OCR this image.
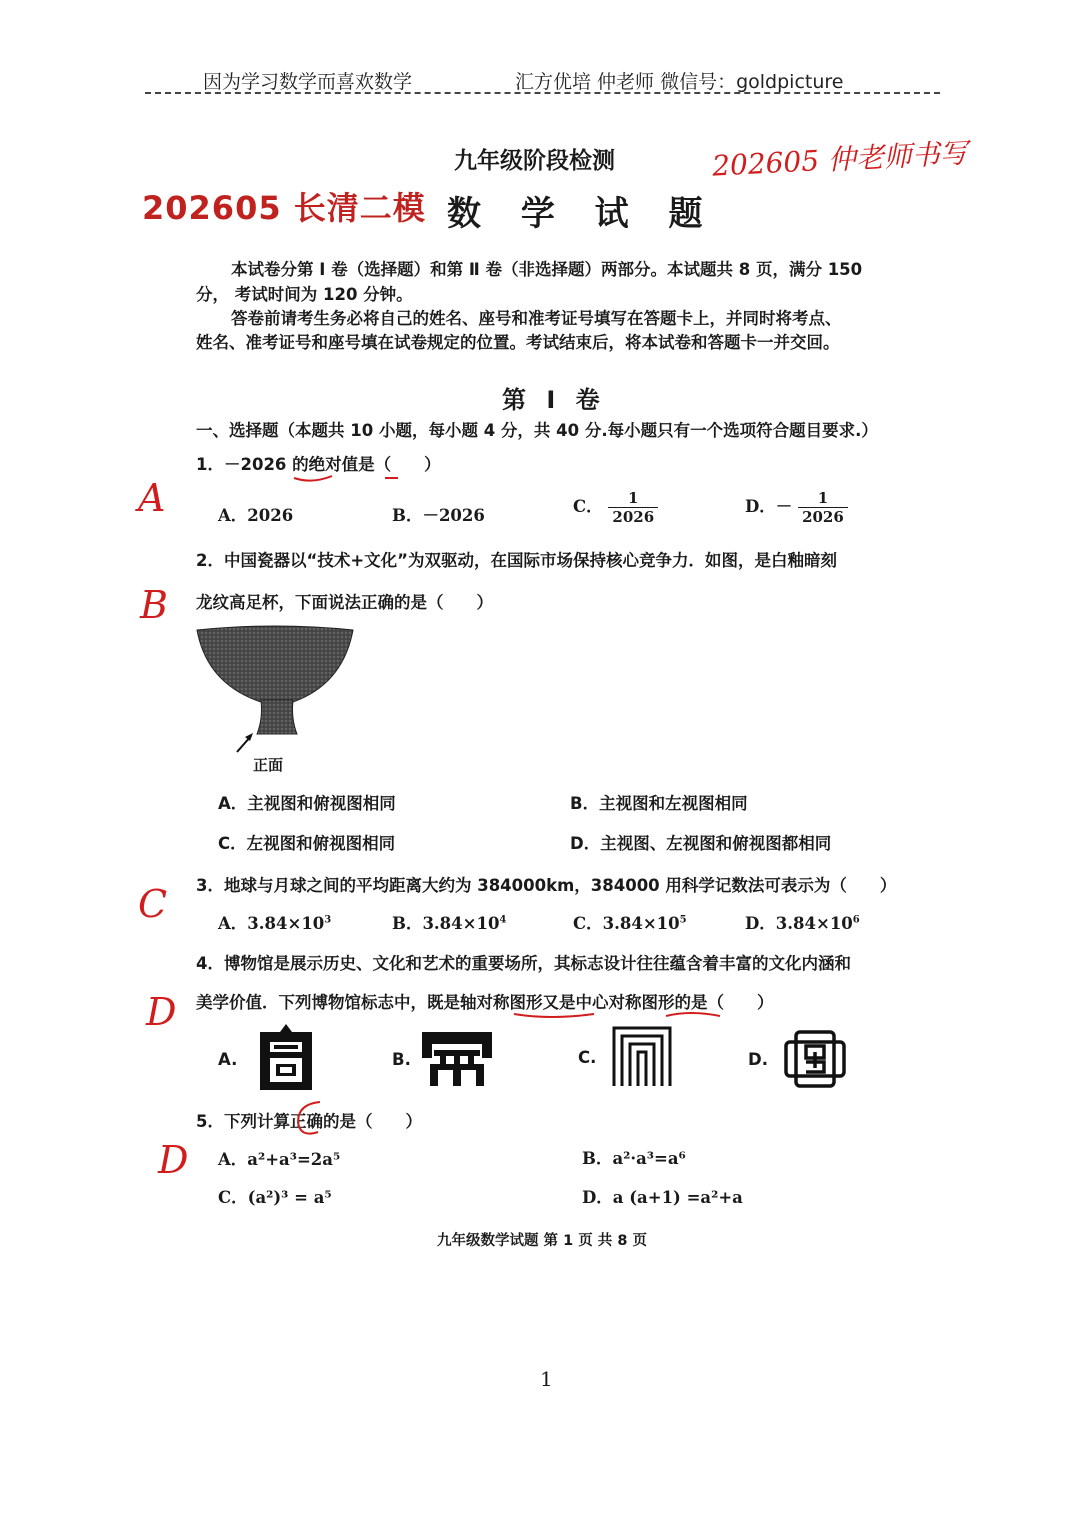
因为学习数学而喜欢数学	汇方优培 仲老师 微信号：goldpicture
九年级阶段检测
202605 长清二模 数 学 试 题
202605 仲老师书写
本试卷分第 Ⅰ 卷（选择题）和第 Ⅱ 卷（非选择题）两部分。本试题共 8 页，满分 150
分， 考试时间为 120 分钟。
答卷前请考生务必将自己的姓名、座号和准考证号填写在答题卡上，并同时将考点、
姓名、准考证号和座号填在试卷规定的位置。考试结束后，将本试卷和答题卡一并交回。
第 Ⅰ 卷
一、选择题（本题共 10 小题，每小题 4 分，共 40 分.每小题只有一个选项符合题目要求.）
1．－2026 的绝对值是（　　）
A	A．2026	B．－2026	C． $\frac{1}{2026}$	D．－ $\frac{1}{2026}$
2．中国瓷器以“技术+文化”为双驱动，在国际市场保持核心竞争力．如图，是白釉暗刻
龙纹高足杯，下面说法正确的是（　　）
B
正面
A．主视图和俯视图相同	B．主视图和左视图相同
C．左视图和俯视图相同	D．主视图、左视图和俯视图都相同
3．地球与月球之间的平均距离大约为 384000km，384000 用科学记数法可表示为（　　）
C	A．$3.84\times 10^3$	B．$3.84\times 10^4$	C．$3.84\times 10^5$	D．$3.84\times 10^6$
4．博物馆是展示历史、文化和艺术的重要场所，其标志设计往往蕴含着丰富的文化内涵和
美学价值．下列博物馆标志中，既是轴对称图形又是中心对称图形的是（　　）
D
A.	B.	C.	D.
5．下列计算正确的是（　　）
D A．a²+a³=2a⁵	B．a²·a³=a⁶
C．(a²)³ = a⁵	D．a (a+1) =a²+a
九年级数学试题 第 1 页 共 8 页
1
